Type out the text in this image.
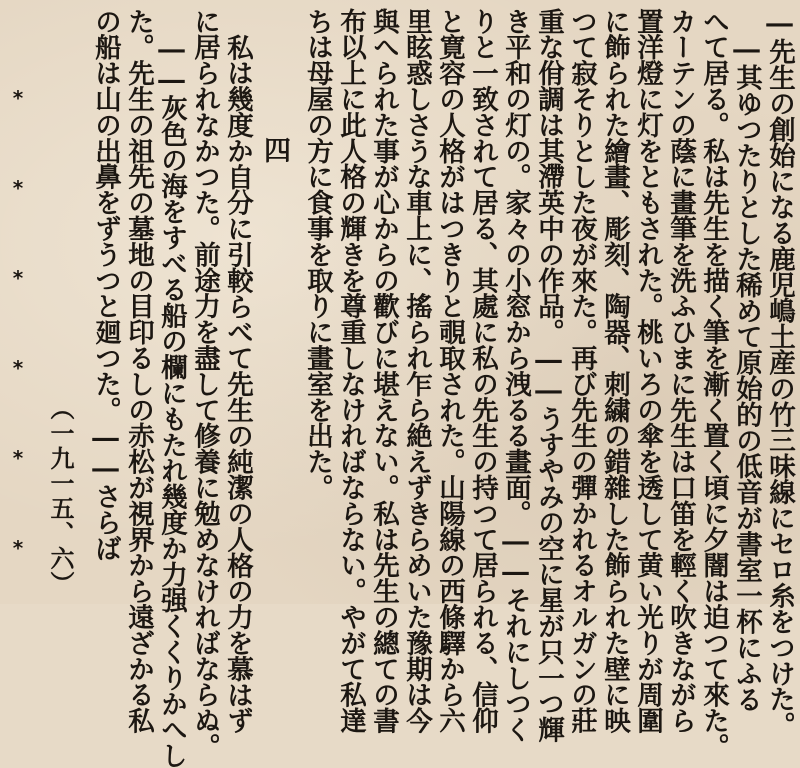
―先生の創始になる鹿児嶋土産の竹三味線にセロ糸をつけた。
―其ゆつたりとした稀めて原始的の低音が書室一杯にふる
へて居る。私は先生を描く筆を漸く置く頃に夕闇は迫つて來た。
カーテンの蔭に畫筆を洗ふひまに先生は口笛を輕く吹きながら
置洋燈に灯をともされた。桃いろの傘を透して黄い光りが周圍
に飾られた繪畫、彫刻、陶器、刺繍の錯雜した飾られた壁に映
つて寂そりとした夜が來た。再び先生の彈かれるオルガンの莊
重な佾調は其滯英中の作品。――うすやみの空に星が只一つ輝
き平和の灯の。家々の小窓から洩るる畫面。――それにしつく
りと一致されて居る、其處に私の先生の持つて居られる、信仰
と寛容の人格がはつきりと覗取された。山陽線の西條驛から六
里眩惑しさうな車上に、搖られ乍ら絶えずきらめいた豫期は今
與へられた事が心からの歡びに堪えない。私は先生の總ての書
布以上に此人格の輝きを尊重しなければならない。やがて私達
ちは母屋の方に食事を取りに畫室を出た。
四
私は幾度か自分に引較らべて先生の純潔の人格の力を慕はず
に居られなかつた。前途力を盡して修養に勉めなければならぬ。
――灰色の海をすべる船の欄にもたれ幾度か力强くくりかへし
た。先生の祖先の墓地の目印るしの赤松が視界から遠ざかる私
の船は山の出鼻をずうつと廻つた。――さらば
（一九一五、六）
*
*
*
*
*
*
